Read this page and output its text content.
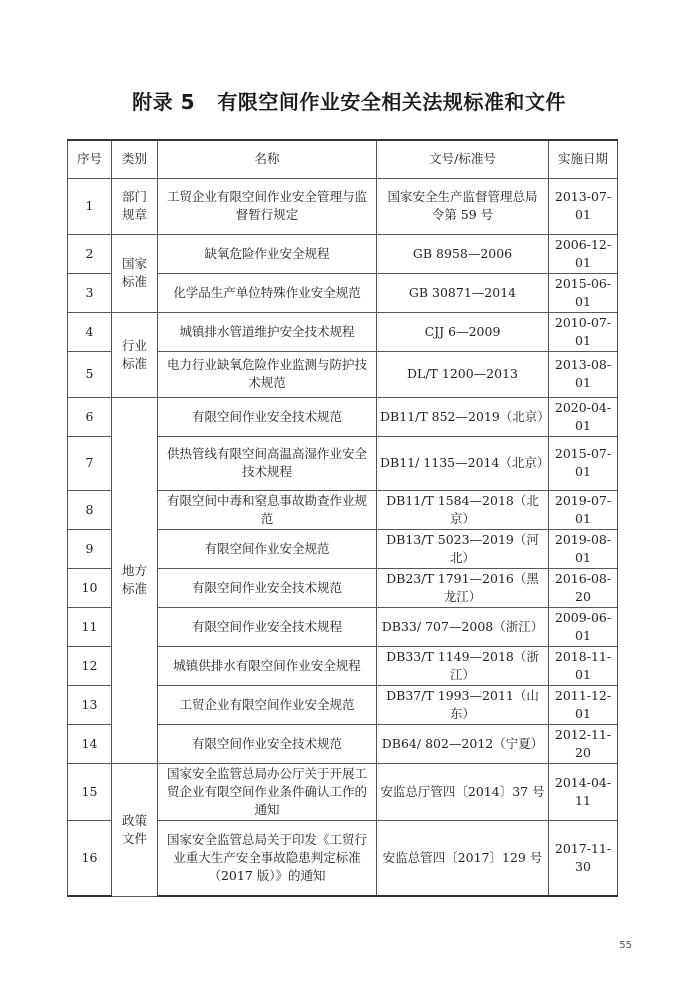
附录 5   有限空间作业安全相关法规标准和文件
序号	类别	名称	文号/标准号	实施日期
1	部门规章	工贸企业有限空间作业安全管理与监督暂行规定	国家安全生产监督管理总局 令第 59 号	2013-07-01
2	国家标准	缺氧危险作业安全规程	GB 8958—2006	2006-12-01
3		化学品生产单位特殊作业安全规范	GB 30871—2014	2015-06-01
4	行业标准	城镇排水管道维护安全技术规程	CJJ 6—2009	2010-07-01
5		电力行业缺氧危险作业监测与防护技术规范	DL/T 1200—2013	2013-08-01
6	地方标准	有限空间作业安全技术规范	DB11/T 852—2019（北京）	2020-04-01
7		供热管线有限空间高温高湿作业安全技术规程	DB11/ 1135—2014（北京）	2015-07-01
8		有限空间中毒和窒息事故勘查作业规范	DB11/T 1584—2018（北京）	2019-07-01
9		有限空间作业安全规范	DB13/T 5023—2019（河北）	2019-08-01
10		有限空间作业安全技术规范	DB23/T 1791—2016（黑龙江）	2016-08-20
11		有限空间作业安全技术规程	DB33/ 707—2008（浙江）	2009-06-01
12		城镇供排水有限空间作业安全规程	DB33/T 1149—2018（浙江）	2018-11-01
13		工贸企业有限空间作业安全规范	DB37/T 1993—2011（山东）	2011-12-01
14		有限空间作业安全技术规范	DB64/ 802—2012（宁夏）	2012-11-20
15	政策文件	国家安全监管总局办公厅关于开展工贸企业有限空间作业条件确认工作的通知	安监总厅管四〔2014〕37 号	2014-04-11
16		国家安全监管总局关于印发《工贸行业重大生产安全事故隐患判定标准（2017 版）》的通知	安监总管四〔2017〕129 号	2017-11-30
55
